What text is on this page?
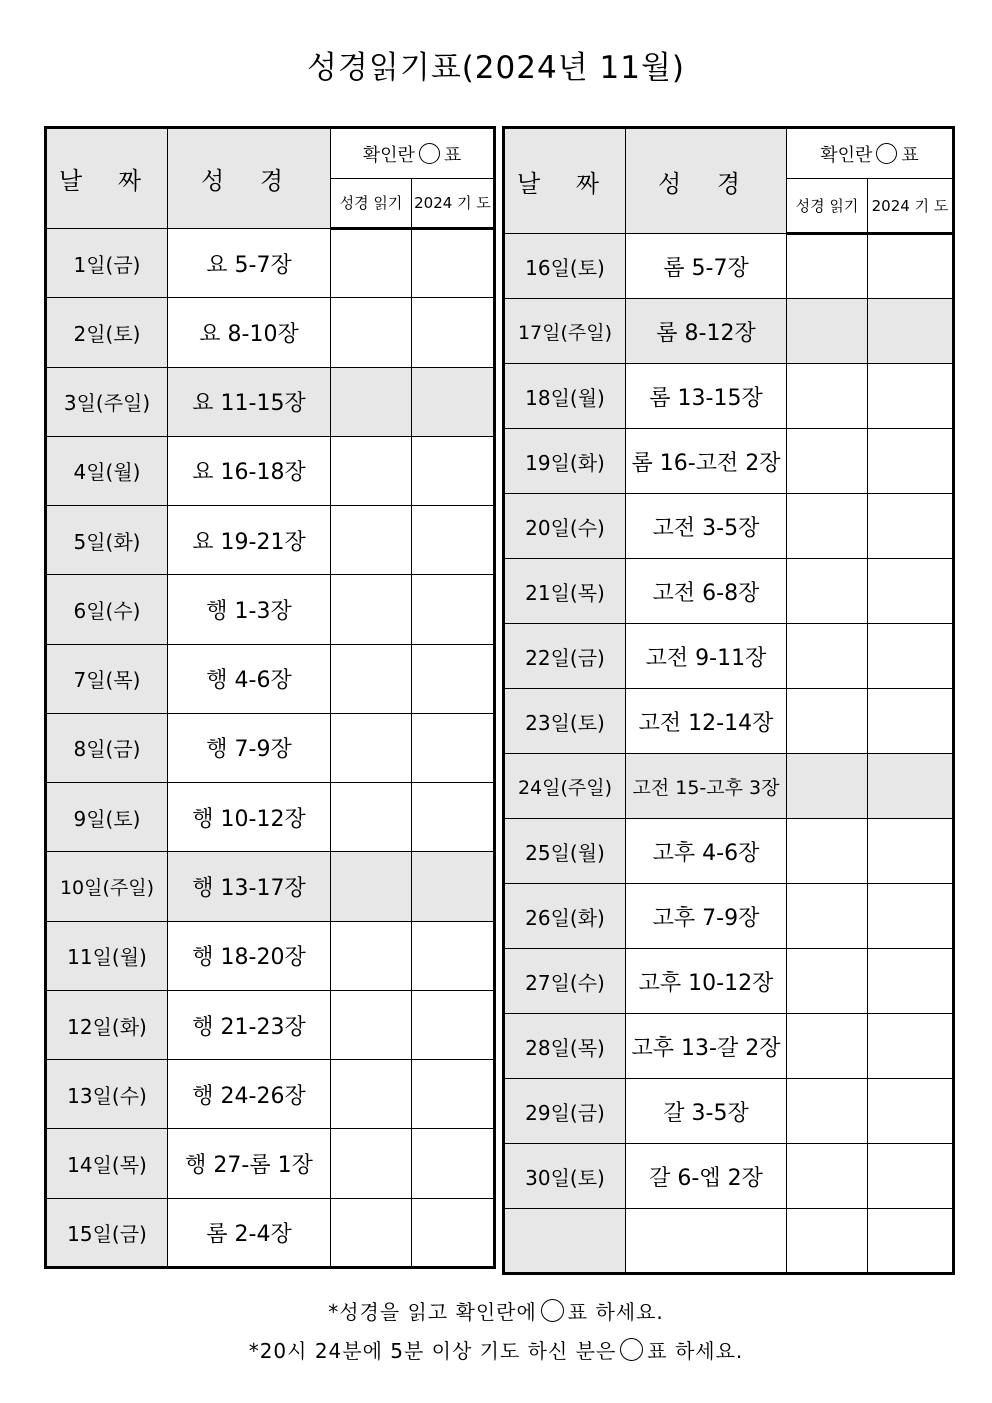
성경읽기표(2024년 11월)
날 짜	성 경	확인란 표	
		성경 읽기	2024 기 도
1일(금)	요 5-7장		
2일(토)	요 8-10장		
3일(주일)	요 11-15장		
4일(월)	요 16-18장		
5일(화)	요 19-21장		
6일(수)	행 1-3장		
7일(목)	행 4-6장		
8일(금)	행 7-9장		
9일(토)	행 10-12장		
10일(주일)	행 13-17장		
11일(월)	행 18-20장		
12일(화)	행 21-23장		
13일(수)	행 24-26장		
14일(목)	행 27-롬 1장		
15일(금)	롬 2-4장		
날 짜	성 경	확인란 표	
		성경 읽기	2024 기 도
16일(토)	롬 5-7장		
17일(주일)	롬 8-12장		
18일(월)	롬 13-15장		
19일(화)	롬 16-고전 2장		
20일(수)	고전 3-5장		
21일(목)	고전 6-8장		
22일(금)	고전 9-11장		
23일(토)	고전 12-14장		
24일(주일)	고전 15-고후 3장		
25일(월)	고후 4-6장		
26일(화)	고후 7-9장		
27일(수)	고후 10-12장		
28일(목)	고후 13-갈 2장		
29일(금)	갈 3-5장		
30일(토)	갈 6-엡 2장		

*성경을 읽고 확인란에 표 하세요.
*20시 24분에 5분 이상 기도 하신 분은 표 하세요.
